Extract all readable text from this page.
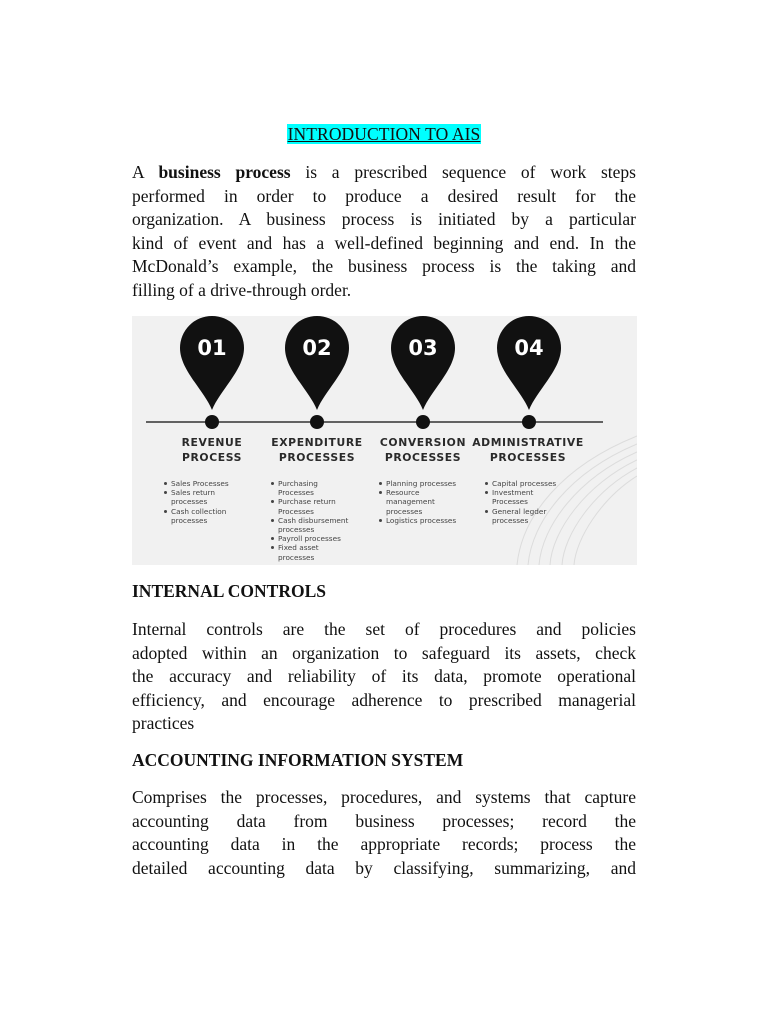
INTRODUCTION TO AIS
A business process is a prescribed sequence of work steps
performed in order to produce a desired result for the
organization. A business process is initiated by a particular
kind of event and has a well-defined beginning and end. In the
McDonald’s example, the business process is the taking and
filling of a drive-through order.
01	02	03	04
REVENUE
PROCESS
EXPENDITURE
PROCESSES
CONVERSION
PROCESSES
ADMINISTRATIVE
PROCESSES
Sales Processes
Sales return processes
Cash collection processes
Purchasing Processes
Purchase return Processes
Cash disbursement processes
Payroll processes
Fixed asset processes
Planning processes
Resource management processes
Logistics processes
Capital processes
Investment Processes
General legder processes
INTERNAL CONTROLS
Internal controls are the set of procedures and policies
adopted within an organization to safeguard its assets, check
the accuracy and reliability of its data, promote operational
efficiency, and encourage adherence to prescribed managerial
practices
ACCOUNTING INFORMATION SYSTEM
Comprises the processes, procedures, and systems that capture
accounting data from business processes; record the
accounting data in the appropriate records; process the
detailed accounting data by classifying, summarizing, and
